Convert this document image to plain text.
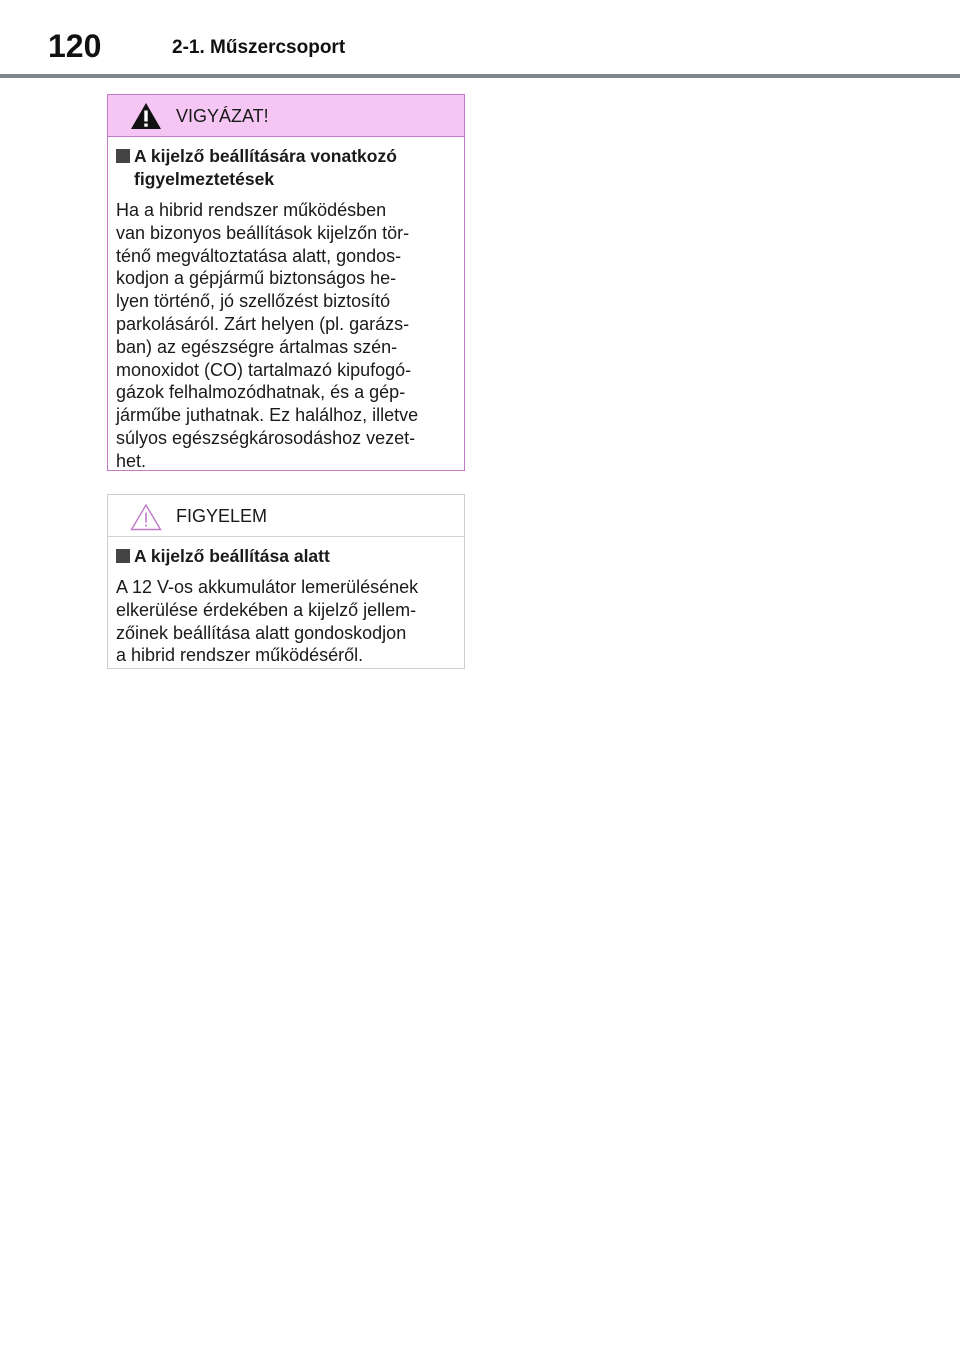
120	2-1. Műszercsoport
VIGYÁZAT!
A kijelző beállítására vonatkozó
figyelmeztetések

Ha a hibrid rendszer működésben
van bizonyos beállítások kijelzőn tör-
ténő megváltoztatása alatt, gondos-
kodjon a gépjármű biztonságos he-
lyen történő, jó szellőzést biztosító
parkolásáról. Zárt helyen (pl. garázs-
ban) az egészségre ártalmas szén-
monoxidot (CO) tartalmazó kipufogó-
gázok felhalmozódhatnak, és a gép-
járműbe juthatnak. Ez halálhoz, illetve
súlyos egészségkárosodáshoz vezet-
het.

FIGYELEM
A kijelző beállítása alatt

A 12 V-os akkumulátor lemerülésének
elkerülése érdekében a kijelző jellem-
zőinek beállítása alatt gondoskodjon
a hibrid rendszer működéséről.
